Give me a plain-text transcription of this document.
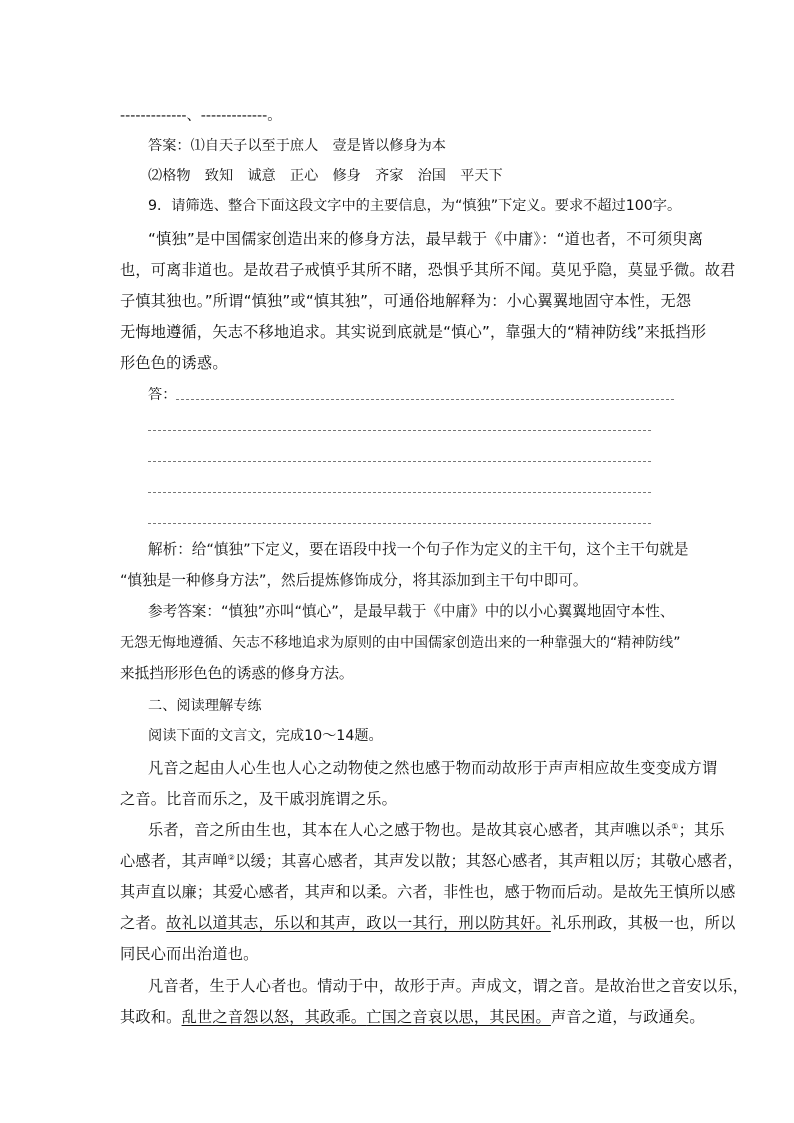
-------------、-------------。
答案：⑴自天子以至于庶人　壹是皆以修身为本
⑵格物　致知　诚意　正心　修身　齐家　治国　平天下
9．请筛选、整合下面这段文字中的主要信息，为“慎独”下定义。要求不超过100字。
“慎独”是中国儒家创造出来的修身方法，最早载于《中庸》：“道也者，不可须臾离
也，可离非道也。是故君子戒慎乎其所不睹，恐惧乎其所不闻。莫见乎隐，莫显乎微。故君
子慎其独也。”所谓“慎独”或“慎其独”，可通俗地解释为：小心翼翼地固守本性，无怨
无悔地遵循，矢志不移地追求。其实说到底就是“慎心”，靠强大的“精神防线”来抵挡形
形色色的诱惑。
答：
解析：给“慎独”下定义，要在语段中找一个句子作为定义的主干句，这个主干句就是
“慎独是一种修身方法”，然后提炼修饰成分，将其添加到主干句中即可。
参考答案：“慎独”亦叫“慎心”，是最早载于《中庸》中的以小心翼翼地固守本性、
无怨无悔地遵循、矢志不移地追求为原则的由中国儒家创造出来的一种靠强大的“精神防线”
来抵挡形形色色的诱惑的修身方法。
二、阅读理解专练
阅读下面的文言文，完成10～14题。
凡音之起由人心生也人心之动物使之然也感于物而动故形于声声相应故生变变成方谓
之音。比音而乐之，及干戚羽旄谓之乐。
乐者，音之所由生也，其本在人心之感于物也。是故其哀心感者，其声噍以杀①；其乐
心感者，其声啴②以缓；其喜心感者，其声发以散；其怒心感者，其声粗以厉；其敬心感者，
其声直以廉；其爱心感者，其声和以柔。六者，非性也，感于物而后动。是故先王慎所以感
之者。故礼以道其志，乐以和其声，政以一其行，刑以防其奸。礼乐刑政，其极一也，所以
同民心而出治道也。
凡音者，生于人心者也。情动于中，故形于声。声成文，谓之音。是故治世之音安以乐，
其政和。乱世之音怨以怒，其政乖。亡国之音哀以思，其民困。声音之道，与政通矣。
